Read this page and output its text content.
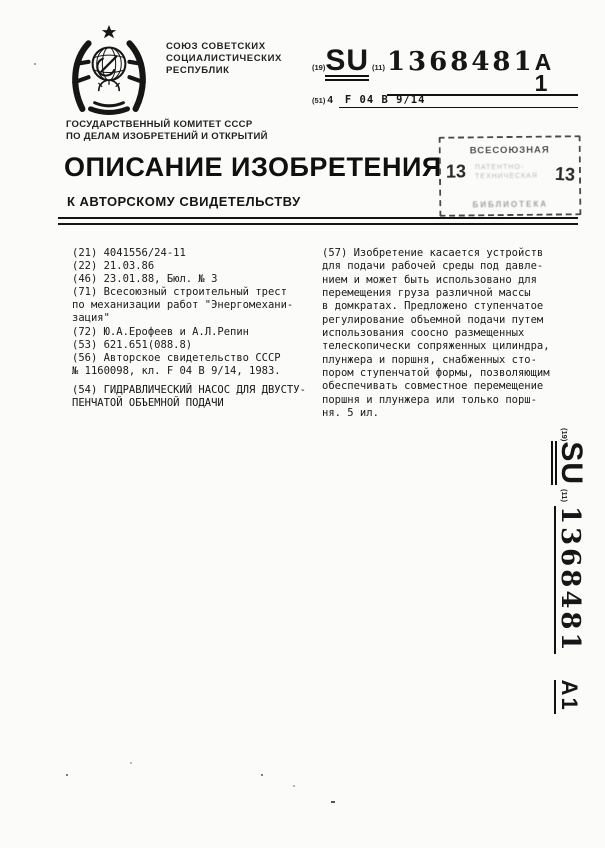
СОЮЗ СОВЕТСКИХ
СОЦИАЛИСТИЧЕСКИХ
РЕСПУБЛИК	(19) SU (11) 1368481 A 1
(51) 4	F 04 B 9/14
ГОСУДАРСТВЕННЫЙ КОМИТЕТ СССР
ПО ДЕЛАМ ИЗОБРЕТЕНИЙ И ОТКРЫТИЙ
ОПИСАНИЕ ИЗОБРЕТЕНИЯ
К АВТОРСКОМУ СВИДЕТЕЛЬСТВУ
ВСЕСОЮЗНАЯ
13	13
ПАТЕНТНО-
ТЕХНИЧЕСКАЯ
БИБЛИОТЕКА
(21) 4041556/24-11
(22) 21.03.86
(46) 23.01.88, Бюл. № 3
(71) Всесоюзный строительный трест
по механизации работ "Энергомехани-
зация"
(72) Ю.А.Ерофеев и А.Л.Репин
(53) 621.651(088.8)
(56) Авторское свидетельство СССР
№ 1160098, кл. F 04 B 9/14, 1983.
(54) ГИДРАВЛИЧЕСКИЙ НАСОС ДЛЯ ДВУСТУ-
ПЕНЧАТОЙ ОБЪЕМНОЙ ПОДАЧИ
(57) Изобретение касается устройств
для подачи рабочей среды под давле-
нием и может быть использовано для
перемещения груза различной массы
в домкратах. Предложено ступенчатое
регулирование объемной подачи путем
использования соосно размещенных
телескопически сопряженных цилиндра,
плунжера и поршня, снабженных сто-
пором ступенчатой формы, позволяющим
обеспечивать совместное перемещение
поршня и плунжера или только порш-
ня. 5 ил.
(19)
SU
(11)
1368481
A1
